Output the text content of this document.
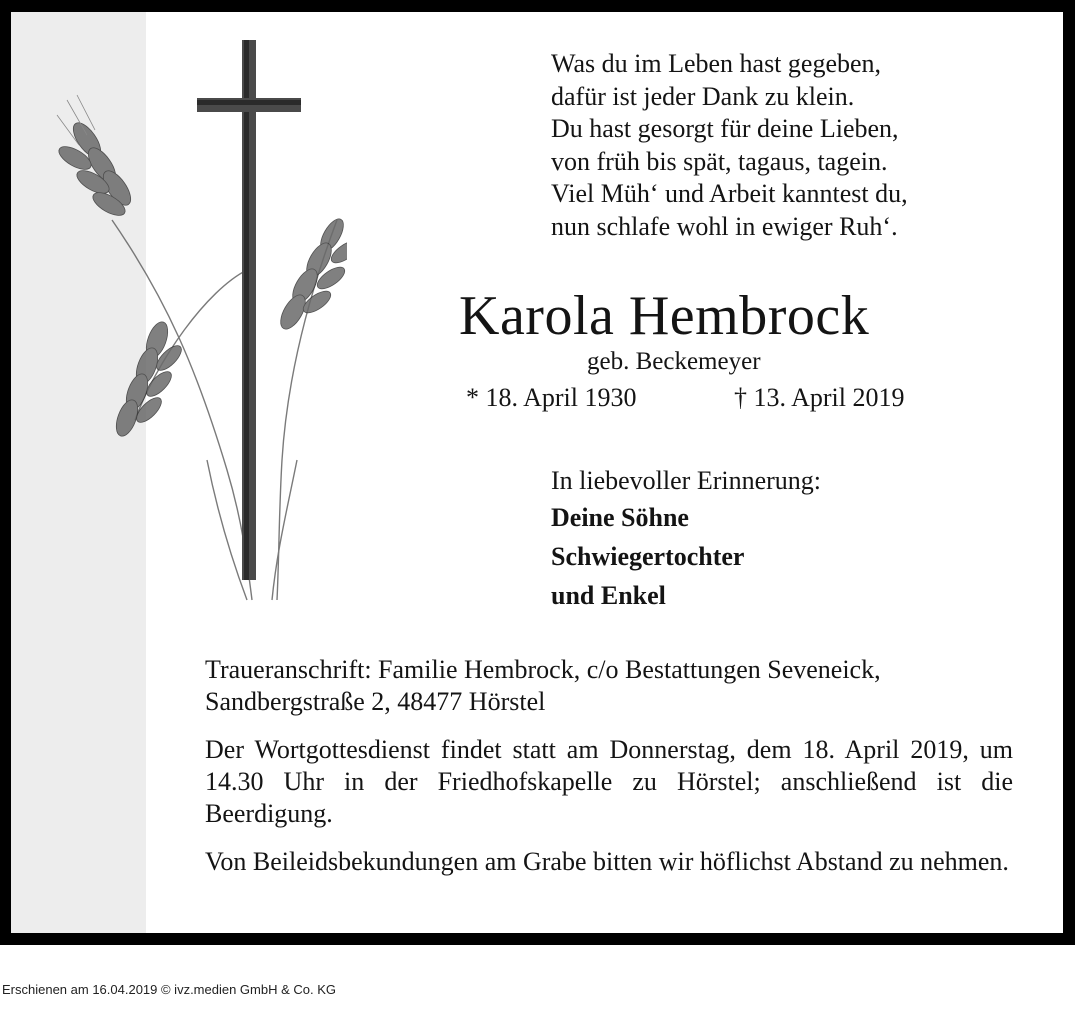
Was du im Leben hast gegeben,
dafür ist jeder Dank zu klein.
Du hast gesorgt für deine Lieben,
von früh bis spät, tagaus, tagein.
Viel Müh‘ und Arbeit kanntest du,
nun schlafe wohl in ewiger Ruh‘.
Karola Hembrock
geb. Beckemeyer
* 18. April 1930	† 13. April 2019
In liebevoller Erinnerung:
Deine Söhne
Schwiegertochter
und Enkel

Traueranschrift: Familie Hembrock, c/o Bestattungen Seveneick,
Sandbergstraße 2, 48477 Hörstel

Der Wortgottesdienst findet statt am Donnerstag, dem 18. April 2019, um 14.30 Uhr in der Friedhofskapelle zu Hörstel; anschließend ist die Beerdigung.

Von Beileidsbekundungen am Grabe bitten wir höflichst Abstand zu nehmen.

Erschienen am 16.04.2019 © ivz.medien GmbH & Co. KG
